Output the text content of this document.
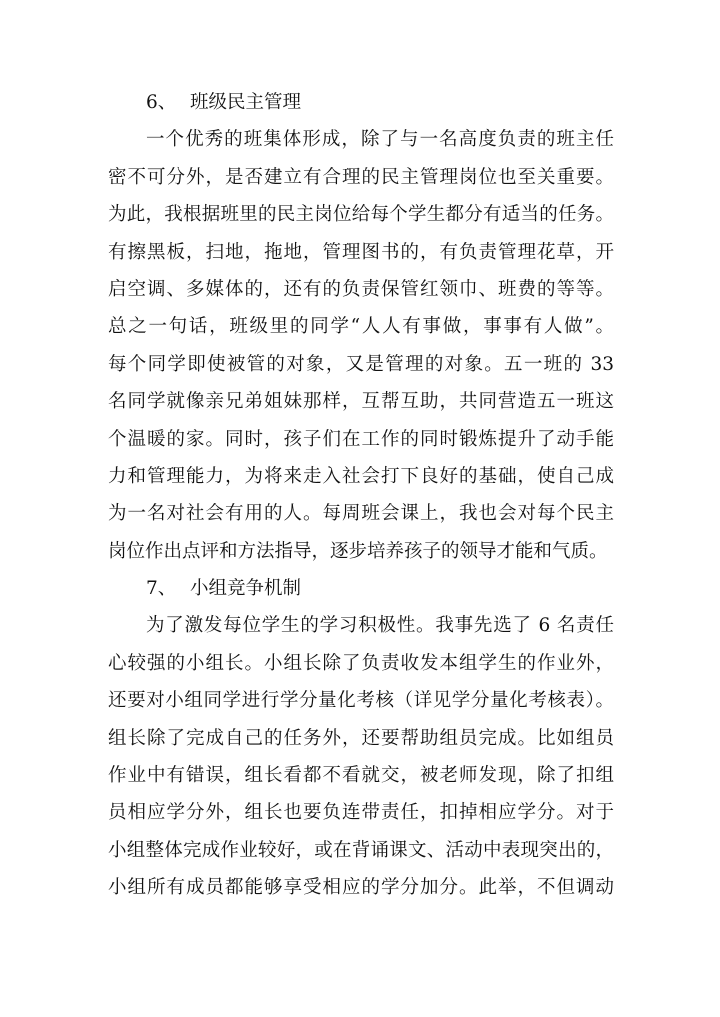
6、 班级民主管理
一个优秀的班集体形成，除了与一名高度负责的班主任
密不可分外，是否建立有合理的民主管理岗位也至关重要。
为此，我根据班里的民主岗位给每个学生都分有适当的任务。
有擦黑板，扫地，拖地，管理图书的，有负责管理花草，开
启空调、多媒体的，还有的负责保管红领巾、班费的等等。
总之一句话，班级里的同学“人人有事做，事事有人做”。
每个同学即使被管的对象，又是管理的对象。五一班的 33
名同学就像亲兄弟姐妹那样，互帮互助，共同营造五一班这
个温暖的家。同时，孩子们在工作的同时锻炼提升了动手能
力和管理能力，为将来走入社会打下良好的基础，使自己成
为一名对社会有用的人。每周班会课上，我也会对每个民主
岗位作出点评和方法指导，逐步培养孩子的领导才能和气质。
7、 小组竞争机制
为了激发每位学生的学习积极性。我事先选了 6 名责任
心较强的小组长。小组长除了负责收发本组学生的作业外，
还要对小组同学进行学分量化考核（详见学分量化考核表）。
组长除了完成自己的任务外，还要帮助组员完成。比如组员
作业中有错误，组长看都不看就交，被老师发现，除了扣组
员相应学分外，组长也要负连带责任，扣掉相应学分。对于
小组整体完成作业较好，或在背诵课文、活动中表现突出的，
小组所有成员都能够享受相应的学分加分。此举，不但调动
